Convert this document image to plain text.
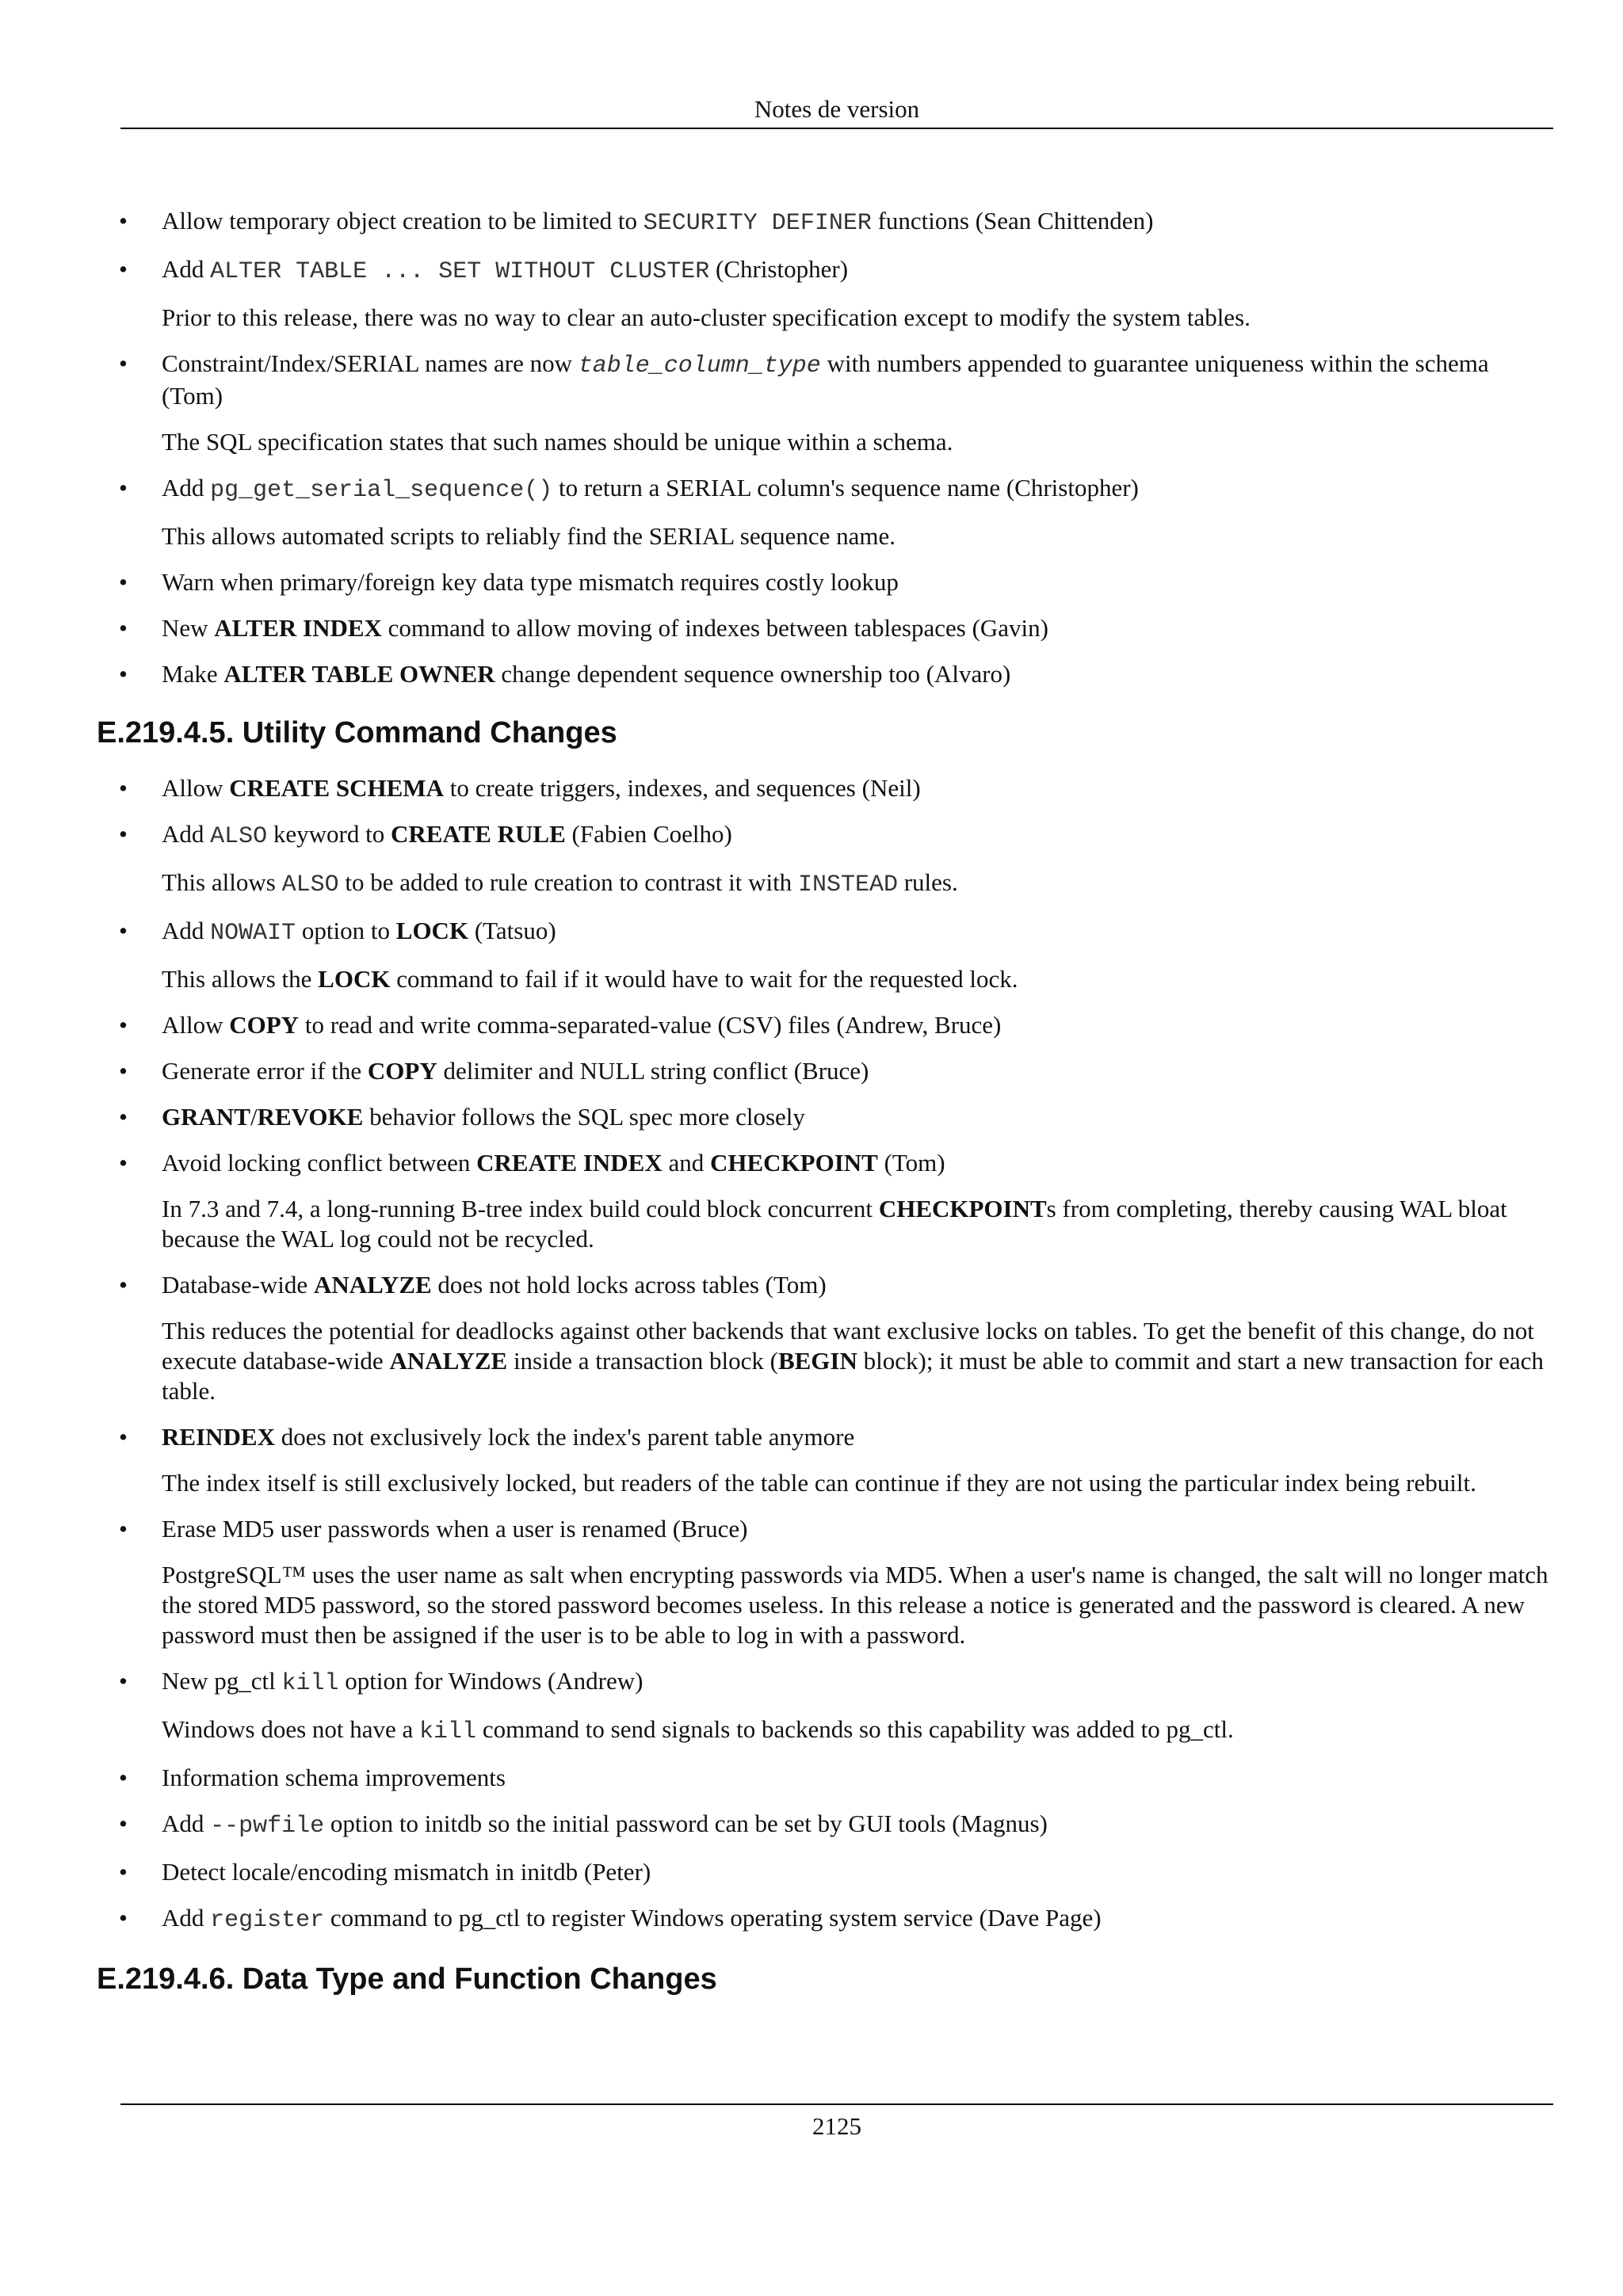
Notes de version
• Allow temporary object creation to be limited to SECURITY DEFINER functions (Sean Chittenden)
• Add ALTER TABLE ... SET WITHOUT CLUSTER (Christopher)
Prior to this release, there was no way to clear an auto-cluster specification except to modify the system tables.
• Constraint/Index/SERIAL names are now table_column_type with numbers appended to guarantee uniqueness within the schema (Tom)
The SQL specification states that such names should be unique within a schema.
• Add pg_get_serial_sequence() to return a SERIAL column's sequence name (Christopher)
This allows automated scripts to reliably find the SERIAL sequence name.
• Warn when primary/foreign key data type mismatch requires costly lookup
• New ALTER INDEX command to allow moving of indexes between tablespaces (Gavin)
• Make ALTER TABLE OWNER change dependent sequence ownership too (Alvaro)
E.219.4.5. Utility Command Changes
• Allow CREATE SCHEMA to create triggers, indexes, and sequences (Neil)
• Add ALSO keyword to CREATE RULE (Fabien Coelho)
This allows ALSO to be added to rule creation to contrast it with INSTEAD rules.
• Add NOWAIT option to LOCK (Tatsuo)
This allows the LOCK command to fail if it would have to wait for the requested lock.
• Allow COPY to read and write comma-separated-value (CSV) files (Andrew, Bruce)
• Generate error if the COPY delimiter and NULL string conflict (Bruce)
• GRANT/REVOKE behavior follows the SQL spec more closely
• Avoid locking conflict between CREATE INDEX and CHECKPOINT (Tom)
In 7.3 and 7.4, a long-running B-tree index build could block concurrent CHECKPOINTs from completing, thereby causing WAL bloat because the WAL log could not be recycled.
• Database-wide ANALYZE does not hold locks across tables (Tom)
This reduces the potential for deadlocks against other backends that want exclusive locks on tables. To get the benefit of this change, do not execute database-wide ANALYZE inside a transaction block (BEGIN block); it must be able to commit and start a new transaction for each table.
• REINDEX does not exclusively lock the index's parent table anymore
The index itself is still exclusively locked, but readers of the table can continue if they are not using the particular index being rebuilt.
• Erase MD5 user passwords when a user is renamed (Bruce)
PostgreSQL™ uses the user name as salt when encrypting passwords via MD5. When a user's name is changed, the salt will no longer match the stored MD5 password, so the stored password becomes useless. In this release a notice is generated and the password is cleared. A new password must then be assigned if the user is to be able to log in with a password.
• New pg_ctl kill option for Windows (Andrew)
Windows does not have a kill command to send signals to backends so this capability was added to pg_ctl.
• Information schema improvements
• Add --pwfile option to initdb so the initial password can be set by GUI tools (Magnus)
• Detect locale/encoding mismatch in initdb (Peter)
• Add register command to pg_ctl to register Windows operating system service (Dave Page)
E.219.4.6. Data Type and Function Changes
2125
